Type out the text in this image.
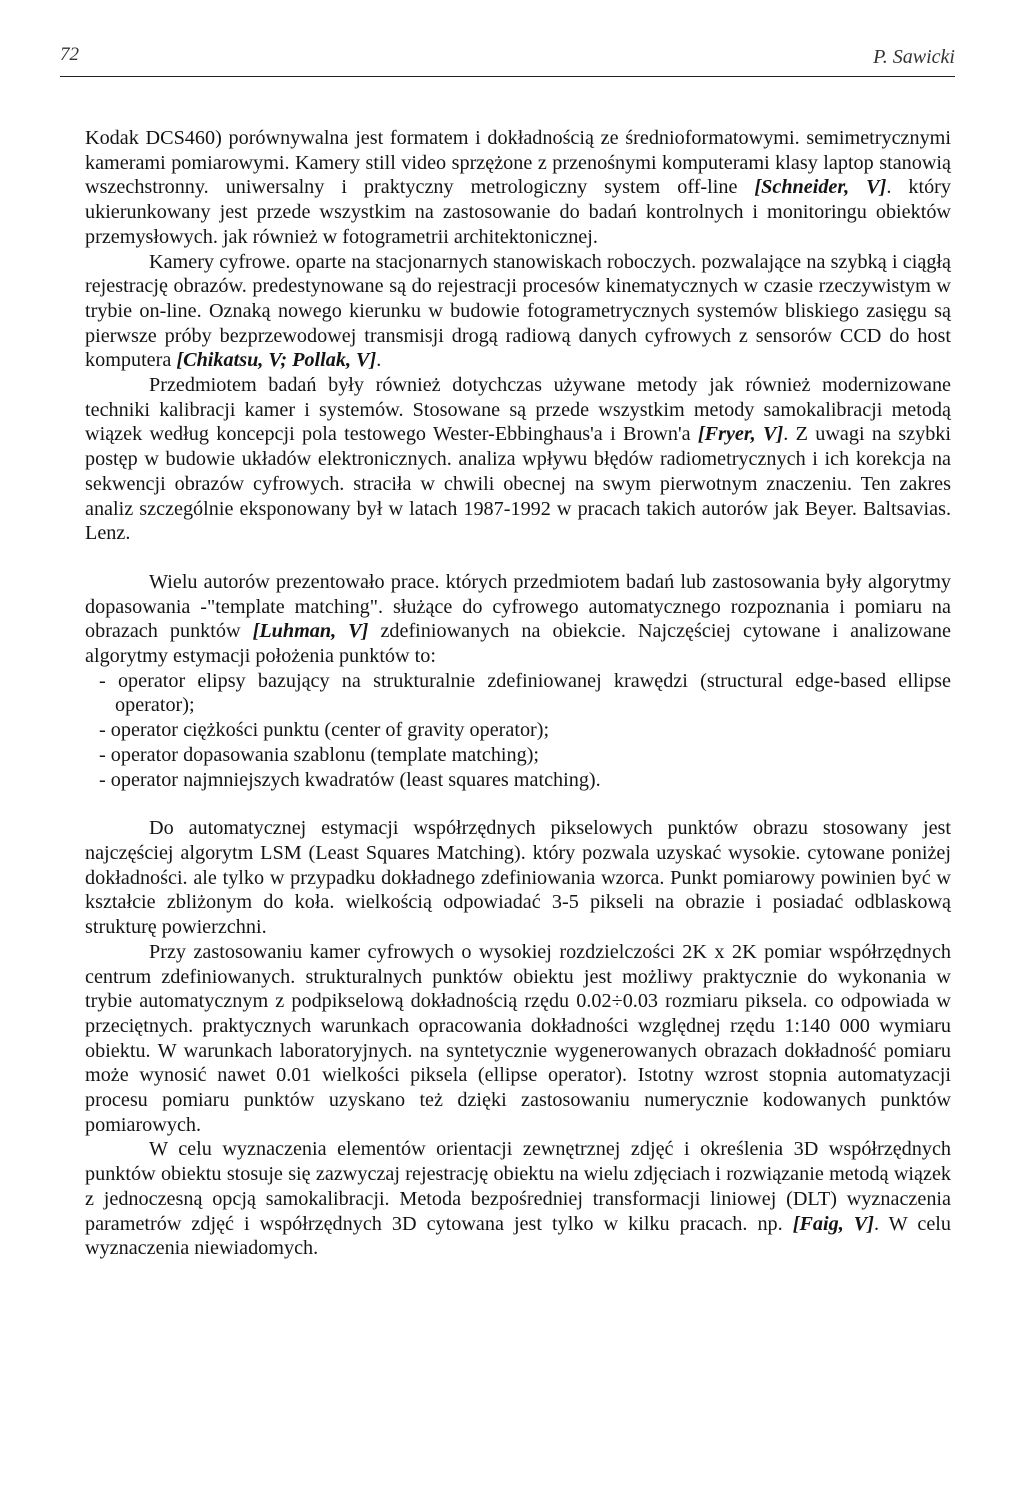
72	P. Sawicki

Kodak DCS460) porównywalna jest formatem i dokładnością ze średnioformatowymi. semimetrycznymi kamerami pomiarowymi. Kamery still video sprzężone z przenośnymi komputerami klasy laptop stanowią wszechstronny. uniwersalny i praktyczny metrologiczny system off-line [Schneider, V]. który ukierunkowany jest przede wszystkim na zastosowanie do badań kontrolnych i monitoringu obiektów przemysłowych. jak również w fotogrametrii architektonicznej.

Kamery cyfrowe. oparte na stacjonarnych stanowiskach roboczych. pozwalające na szybką i ciągłą rejestrację obrazów. predestynowane są do rejestracji procesów kinematycznych w czasie rzeczywistym w trybie on-line. Oznaką nowego kierunku w budowie fotogrametrycznych systemów bliskiego zasięgu są pierwsze próby bezprzewodowej transmisji drogą radiową danych cyfrowych z sensorów CCD do host komputera [Chikatsu, V; Pollak, V].

Przedmiotem badań były również dotychczas używane metody jak również modernizowane techniki kalibracji kamer i systemów. Stosowane są przede wszystkim metody samokalibracji metodą wiązek według koncepcji pola testowego Wester-Ebbinghaus'a i Brown'a [Fryer, V]. Z uwagi na szybki postęp w budowie układów elektronicznych. analiza wpływu błędów radiometrycznych i ich korekcja na sekwencji obrazów cyfrowych. straciła w chwili obecnej na swym pierwotnym znaczeniu. Ten zakres analiz szczególnie eksponowany był w latach 1987-1992 w pracach takich autorów jak Beyer. Baltsavias. Lenz.

Wielu autorów prezentowało prace. których przedmiotem badań lub zastosowania były algorytmy dopasowania -"template matching". służące do cyfrowego automatycznego rozpoznania i pomiaru na obrazach punktów [Luhman, V] zdefiniowanych na obiekcie. Najczęściej cytowane i analizowane algorytmy estymacji położenia punktów to:

- operator elipsy bazujący na strukturalnie zdefiniowanej krawędzi (structural edge-based ellipse operator);
- operator ciężkości punktu (center of gravity operator);
- operator dopasowania szablonu (template matching);
- operator najmniejszych kwadratów (least squares matching).

Do automatycznej estymacji współrzędnych pikselowych punktów obrazu stosowany jest najczęściej algorytm LSM (Least Squares Matching). który pozwala uzyskać wysokie. cytowane poniżej dokładności. ale tylko w przypadku dokładnego zdefiniowania wzorca. Punkt pomiarowy powinien być w kształcie zbliżonym do koła. wielkością odpowiadać 3-5 pikseli na obrazie i posiadać odblaskową strukturę powierzchni.

Przy zastosowaniu kamer cyfrowych o wysokiej rozdzielczości 2K x 2K pomiar współrzędnych centrum zdefiniowanych. strukturalnych punktów obiektu jest możliwy praktycznie do wykonania w trybie automatycznym z podpikselową dokładnością rzędu 0.02÷0.03 rozmiaru piksela. co odpowiada w przeciętnych. praktycznych warunkach opracowania dokładności względnej rzędu 1:140 000 wymiaru obiektu. W warunkach laboratoryjnych. na syntetycznie wygenerowanych obrazach dokładność pomiaru może wynosić nawet 0.01 wielkości piksela (ellipse operator). Istotny wzrost stopnia automatyzacji procesu pomiaru punktów uzyskano też dzięki zastosowaniu numerycznie kodowanych punktów pomiarowych.

W celu wyznaczenia elementów orientacji zewnętrznej zdjęć i określenia 3D współrzędnych punktów obiektu stosuje się zazwyczaj rejestrację obiektu na wielu zdjęciach i rozwiązanie metodą wiązek z jednoczesną opcją samokalibracji. Metoda bezpośredniej transformacji liniowej (DLT) wyznaczenia parametrów zdjęć i współrzędnych 3D cytowana jest tylko w kilku pracach. np. [Faig, V]. W celu wyznaczenia niewiadomych.
